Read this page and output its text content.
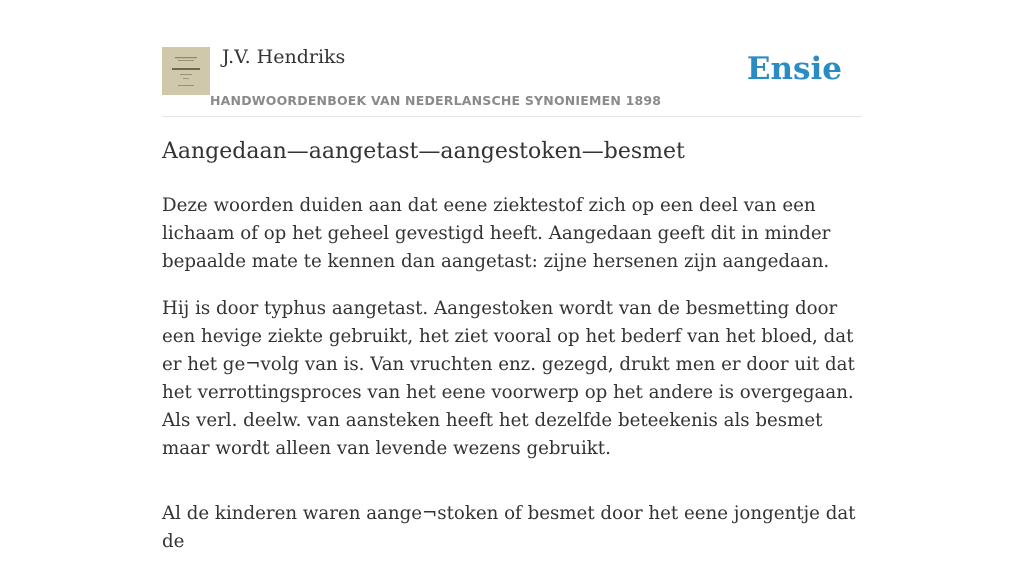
J.V. Hendriks
HANDWOORDENBOEK VAN NEDERLANSCHE SYNONIEMEN 1898
Ensie
Aangedaan—aangetast—aangestoken—besmet

Deze woorden duiden aan dat eene ziektestof zich op een deel van een lichaam of op het geheel gevestigd heeft. Aangedaan geeft dit in minder bepaalde mate te kennen dan aangetast: zijne hersenen zijn aangedaan.

Hij is door typhus aangetast. Aangestoken wordt van de besmetting door een hevige ziekte gebruikt, het ziet vooral op het bederf van het bloed, dat er het ge¬volg van is. Van vruchten enz. gezegd, drukt men er door uit dat het verrottingsproces van het eene voorwerp op het andere is overgegaan. Als verl. deelw. van aansteken heeft het dezelfde beteekenis als besmet maar wordt alleen van levende wezens gebruikt.

Al de kinderen waren aange¬stoken of besmet door het eene jongentje dat de
